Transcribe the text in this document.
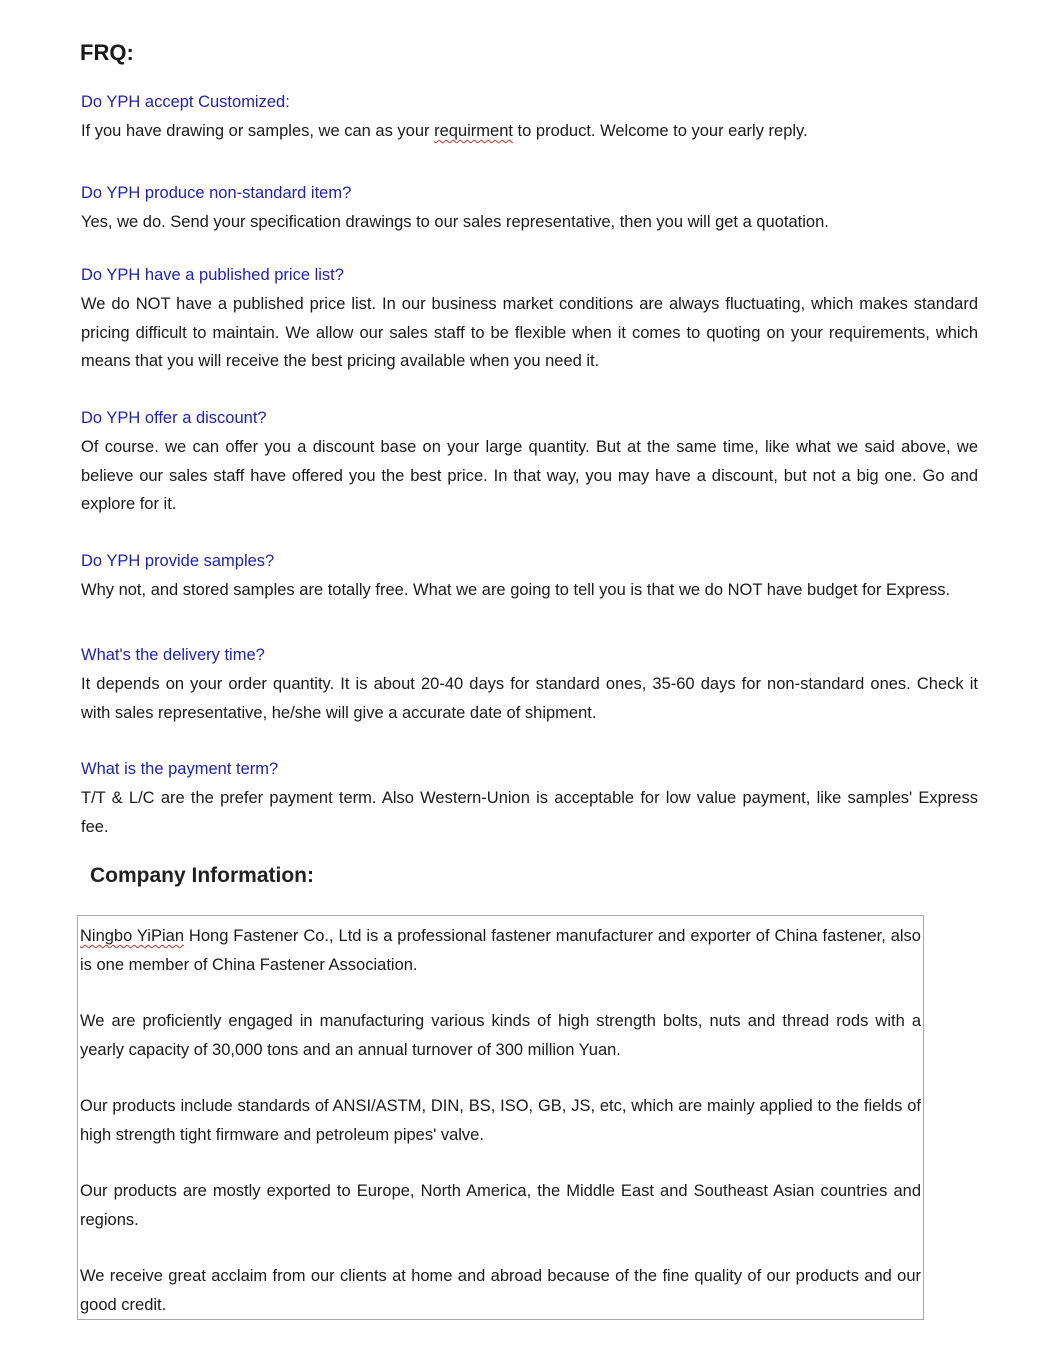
FRQ:

Do YPH accept Customized:

If you have drawing or samples, we can as your requirment to product. Welcome to your early reply.

Do YPH produce non-standard item?

Yes, we do. Send your specification drawings to our sales representative, then you will get a quotation.

Do YPH have a published price list?

We do NOT have a published price list. In our business market conditions are always fluctuating, which makes standard pricing difficult to maintain. We allow our sales staff to be flexible when it comes to quoting on your requirements, which means that you will receive the best pricing available when you need it.

Do YPH offer a discount?

Of course. we can offer you a discount base on your large quantity. But at the same time, like what we said above, we believe our sales staff have offered you the best price. In that way, you may have a discount, but not a big one. Go and explore for it.

Do YPH provide samples?

Why not, and stored samples are totally free. What we are going to tell you is that we do NOT have budget for Express.

What's the delivery time?

It depends on your order quantity. It is about 20-40 days for standard ones, 35-60 days for non-standard ones. Check it with sales representative, he/she will give a accurate date of shipment.

What is the payment term?

T/T & L/C are the prefer payment term. Also Western-Union is acceptable for low value payment, like samples' Express fee.

Company Information:

Ningbo YiPian Hong Fastener Co., Ltd is a professional fastener manufacturer and exporter of China fastener, also is one member of China Fastener Association.

We are proficiently engaged in manufacturing various kinds of high strength bolts, nuts and thread rods with a yearly capacity of 30,000 tons and an annual turnover of 300 million Yuan.

Our products include standards of ANSI/ASTM, DIN, BS, ISO, GB, JS, etc, which are mainly applied to the fields of high strength tight firmware and petroleum pipes' valve.

Our products are mostly exported to Europe, North America, the Middle East and Southeast Asian countries and regions.

We receive great acclaim from our clients at home and abroad because of the fine quality of our products and our good credit.
